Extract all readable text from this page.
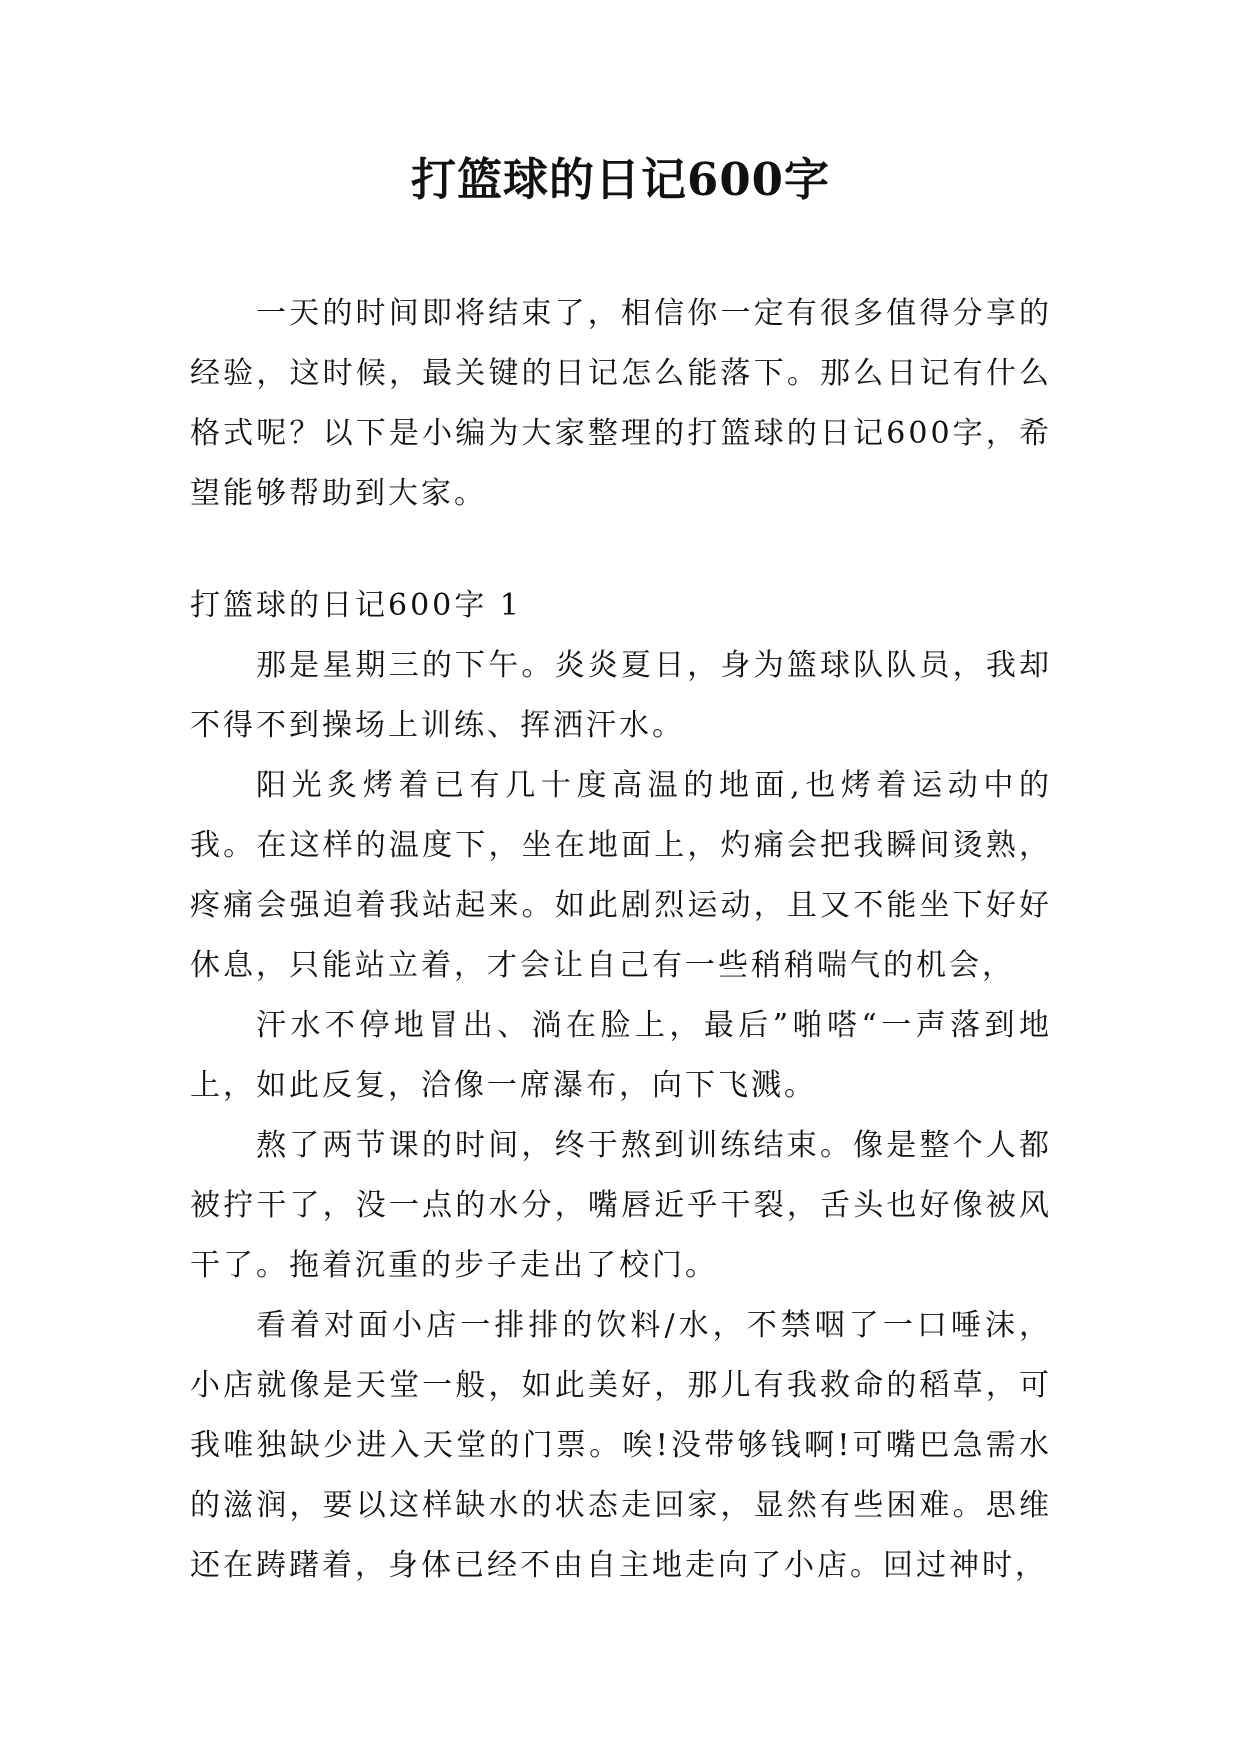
打篮球的日记600字

一天的时间即将结束了，相信你一定有很多值得分享的经验，这时候，最关键的日记怎么能落下。那么日记有什么格式呢？以下是小编为大家整理的打篮球的日记600字，希望能够帮助到大家。

打篮球的日记600字 1

那是星期三的下午。炎炎夏日，身为篮球队队员，我却不得不到操场上训练、挥洒汗水。

阳光炙烤着已有几十度高温的地面,也烤着运动中的我。在这样的温度下，坐在地面上，灼痛会把我瞬间烫熟，疼痛会强迫着我站起来。如此剧烈运动，且又不能坐下好好休息，只能站立着，才会让自己有一些稍稍喘气的机会，

汗水不停地冒出、淌在脸上，最后”啪嗒“一声落到地上，如此反复，洽像一席瀑布，向下飞溅。

熬了两节课的时间，终于熬到训练结束。像是整个人都被拧干了，没一点的水分，嘴唇近乎干裂，舌头也好像被风干了。拖着沉重的步子走出了校门。

看着对面小店一排排的饮料/水，不禁咽了一口唾沫，小店就像是天堂一般，如此美好，那儿有我救命的稻草，可我唯独缺少进入天堂的门票。唉!没带够钱啊!可嘴巴急需水的滋润，要以这样缺水的状态走回家，显然有些困难。思维还在踌躇着，身体已经不由自主地走向了小店。回过神时，
